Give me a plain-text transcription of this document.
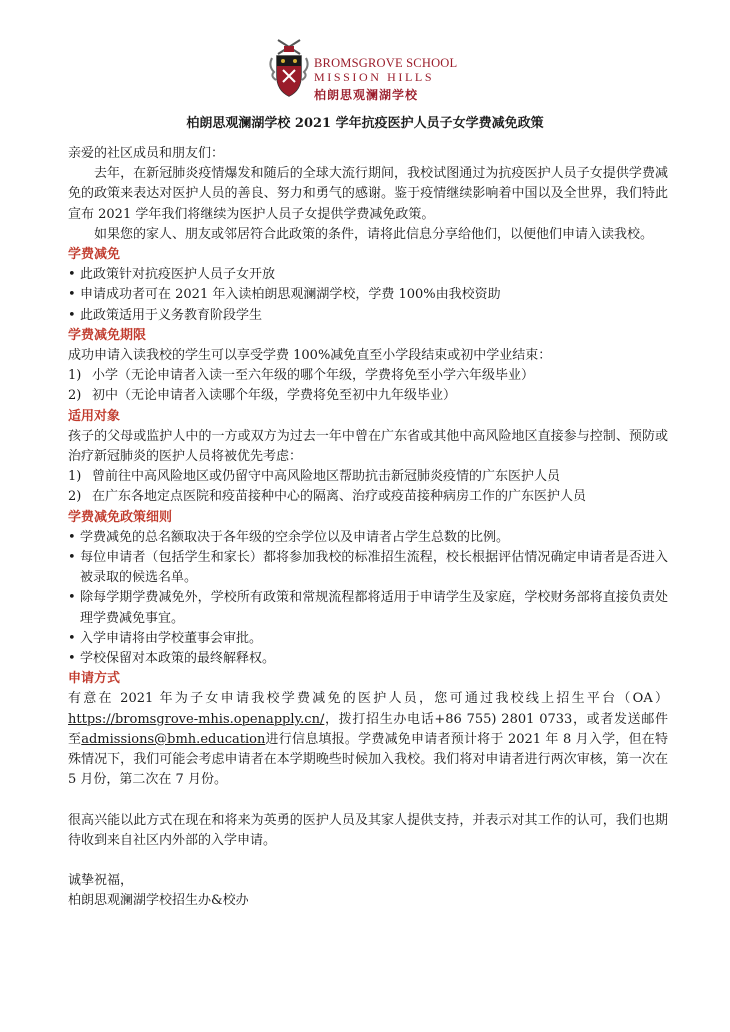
BROMSGROVE SCHOOL
MISSION HILLS
柏朗思观澜湖学校
柏朗思观澜湖学校 2021 学年抗疫医护人员子女学费减免政策

亲爱的社区成员和朋友们：

去年，在新冠肺炎疫情爆发和随后的全球大流行期间，我校试图通过为抗疫医护人员子女提供学费减免的政策来表达对医护人员的善良、努力和勇气的感谢。鉴于疫情继续影响着中国以及全世界，我们特此宣布 2021 学年我们将继续为医护人员子女提供学费减免政策。

如果您的家人、朋友或邻居符合此政策的条件，请将此信息分享给他们，以便他们申请入读我校。

学费减免

• 此政策针对抗疫医护人员子女开放

• 申请成功者可在 2021 年入读柏朗思观澜湖学校，学费 100%由我校资助

• 此政策适用于义务教育阶段学生

学费减免期限

成功申请入读我校的学生可以享受学费 100%减免直至小学段结束或初中学业结束：

1) 小学（无论申请者入读一至六年级的哪个年级，学费将免至小学六年级毕业）

2) 初中（无论申请者入读哪个年级，学费将免至初中九年级毕业）

适用对象

孩子的父母或监护人中的一方或双方为过去一年中曾在广东省或其他中高风险地区直接参与控制、预防或治疗新冠肺炎的医护人员将被优先考虑：

1) 曾前往中高风险地区或仍留守中高风险地区帮助抗击新冠肺炎疫情的广东医护人员

2) 在广东各地定点医院和疫苗接种中心的隔离、治疗或疫苗接种病房工作的广东医护人员

学费减免政策细则

• 学费减免的总名额取决于各年级的空余学位以及申请者占学生总数的比例。

• 每位申请者（包括学生和家长）都将参加我校的标准招生流程，校长根据评估情况确定申请者是否进入被录取的候选名单。

• 除每学期学费减免外，学校所有政策和常规流程都将适用于申请学生及家庭，学校财务部将直接负责处理学费减免事宜。

• 入学申请将由学校董事会审批。

• 学校保留对本政策的最终解释权。

申请方式

有意在 2021 年为子女申请我校学费减免的医护人员，您可通过我校线上招生平台（OA）https://bromsgrove-mhis.openapply.cn/，拨打招生办电话+86 755) 2801 0733，或者发送邮件至admissions@bmh.education进行信息填报。学费减免申请者预计将于 2021 年 8 月入学，但在特殊情况下，我们可能会考虑申请者在本学期晚些时候加入我校。我们将对申请者进行两次审核，第一次在 5 月份，第二次在 7 月份。

很高兴能以此方式在现在和将来为英勇的医护人员及其家人提供支持，并表示对其工作的认可，我们也期待收到来自社区内外部的入学申请。

诚挚祝福，

柏朗思观澜湖学校招生办&校办
